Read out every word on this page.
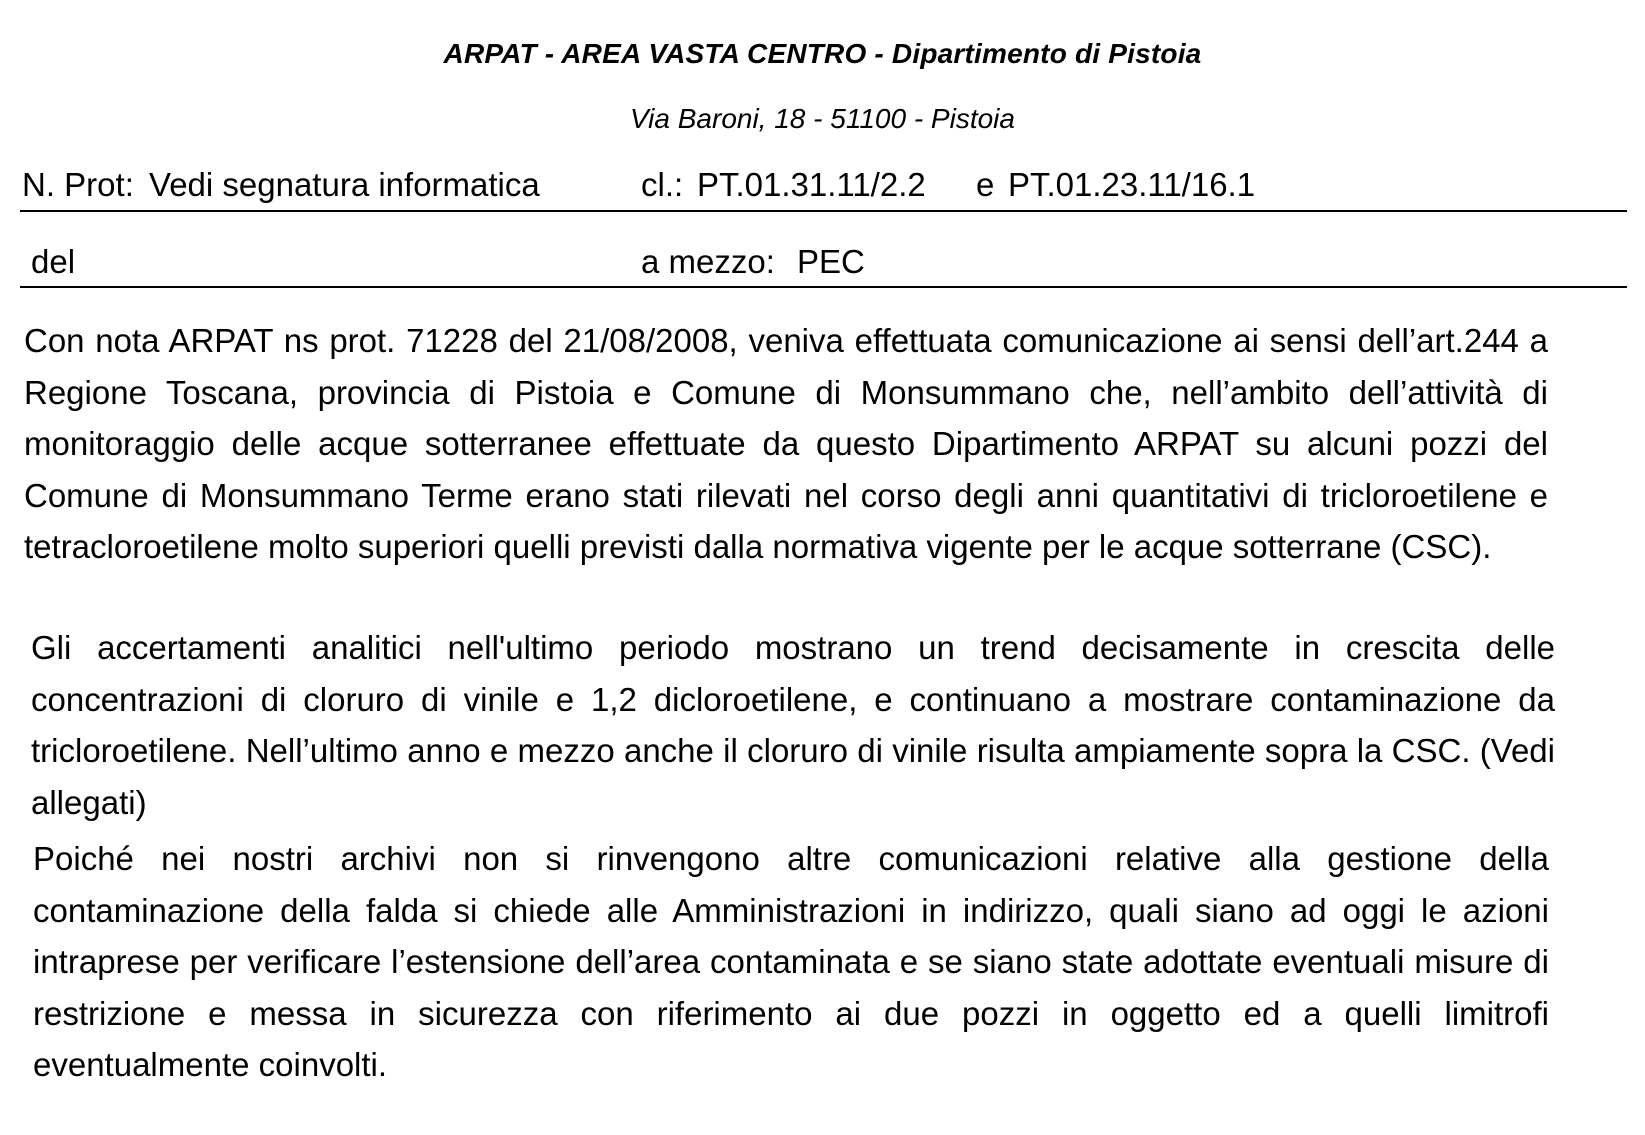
ARPAT - AREA VASTA CENTRO - Dipartimento di Pistoia
Via Baroni, 18 - 51100 - Pistoia
N. Prot: Vedi segnatura informatica	cl.: PT.01.31.11/2.2 e PT.01.23.11/16.1
del	a mezzo: PEC
Con nota ARPAT ns prot. 71228 del 21/08/2008, veniva effettuata comunicazione ai sensi dell’art.244 a Regione Toscana, provincia di Pistoia e Comune di Monsummano che, nell’ambito dell’attività di monitoraggio delle acque sotterranee effettuate da questo Dipartimento ARPAT su alcuni pozzi del Comune di Monsummano Terme erano stati rilevati nel corso degli anni quantitativi di tricloroetilene e tetracloroetilene molto superiori quelli previsti dalla normativa vigente per le acque sotterrane (CSC).
Gli accertamenti analitici nell'ultimo periodo mostrano un trend decisamente in crescita delle concentrazioni di cloruro di vinile e 1,2 dicloroetilene, e continuano a mostrare contaminazione da tricloroetilene. Nell’ultimo anno e mezzo anche il cloruro di vinile risulta ampiamente sopra la CSC. (Vedi allegati)
Poiché nei nostri archivi non si rinvengono altre comunicazioni relative alla gestione della contaminazione della falda si chiede alle Amministrazioni in indirizzo, quali siano ad oggi le azioni intraprese per verificare l’estensione dell’area contaminata e se siano state adottate eventuali misure di restrizione e messa in sicurezza con riferimento ai due pozzi in oggetto ed a quelli limitrofi eventualmente coinvolti.
